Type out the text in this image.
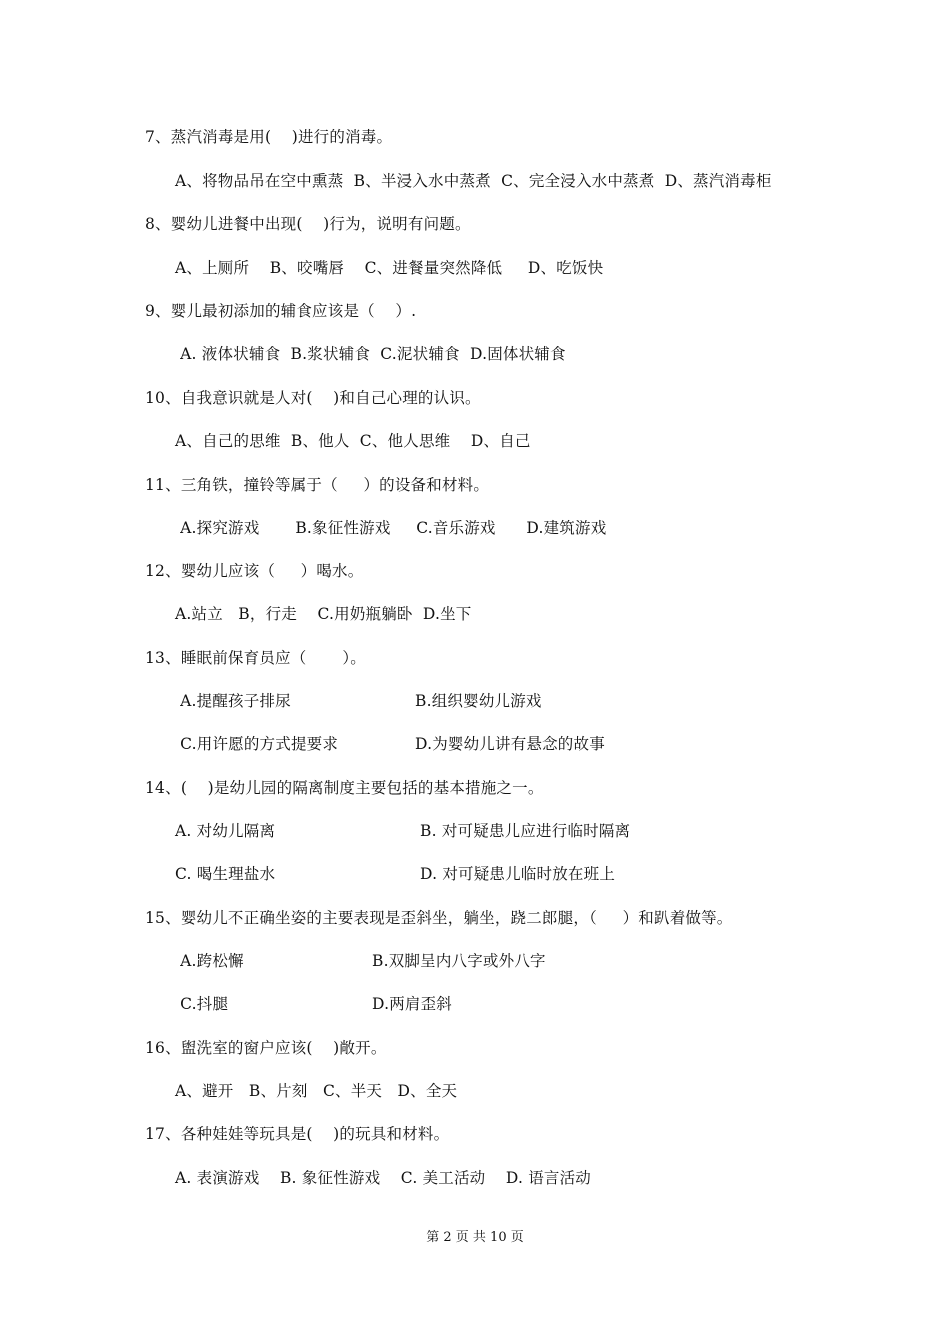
7、蒸汽消毒是用(    )进行的消毒。
A、将物品吊在空中熏蒸  B、半浸入水中蒸煮  C、完全浸入水中蒸煮  D、蒸汽消毒柜
8、婴幼儿进餐中出现(    )行为，说明有问题。
A、上厕所    B、咬嘴唇    C、进餐量突然降低     D、吃饭快
9、婴儿最初添加的辅食应该是（    ）.
A. 液体状辅食  B.浆状辅食  C.泥状辅食  D.固体状辅食
10、自我意识就是人对(    )和自己心理的认识。
A、自己的思维  B、他人  C、他人思维    D、自己
11、三角铁，撞铃等属于（     ）的设备和材料。
A.探究游戏       B.象征性游戏     C.音乐游戏      D.建筑游戏
12、婴幼儿应该（     ）喝水。
A.站立   B，行走    C.用奶瓶躺卧  D.坐下
13、睡眠前保育员应（       ）。
A.提醒孩子排尿	B.组织婴幼儿游戏
C.用许愿的方式提要求	D.为婴幼儿讲有悬念的故事
14、(    )是幼儿园的隔离制度主要包括的基本措施之一。
A. 对幼儿隔离	B. 对可疑患儿应进行临时隔离
C. 喝生理盐水	D. 对可疑患儿临时放在班上
15、婴幼儿不正确坐姿的主要表现是歪斜坐，躺坐，跷二郎腿，（     ）和趴着做等。
A.跨松懈	B.双脚呈内八字或外八字
C.抖腿	D.两肩歪斜
16、盥洗室的窗户应该(    )敞开。
A、避开   B、片刻   C、半天   D、全天
17、各种娃娃等玩具是(    )的玩具和材料。
A. 表演游戏    B. 象征性游戏    C. 美工活动    D. 语言活动
第 2 页 共 10 页
